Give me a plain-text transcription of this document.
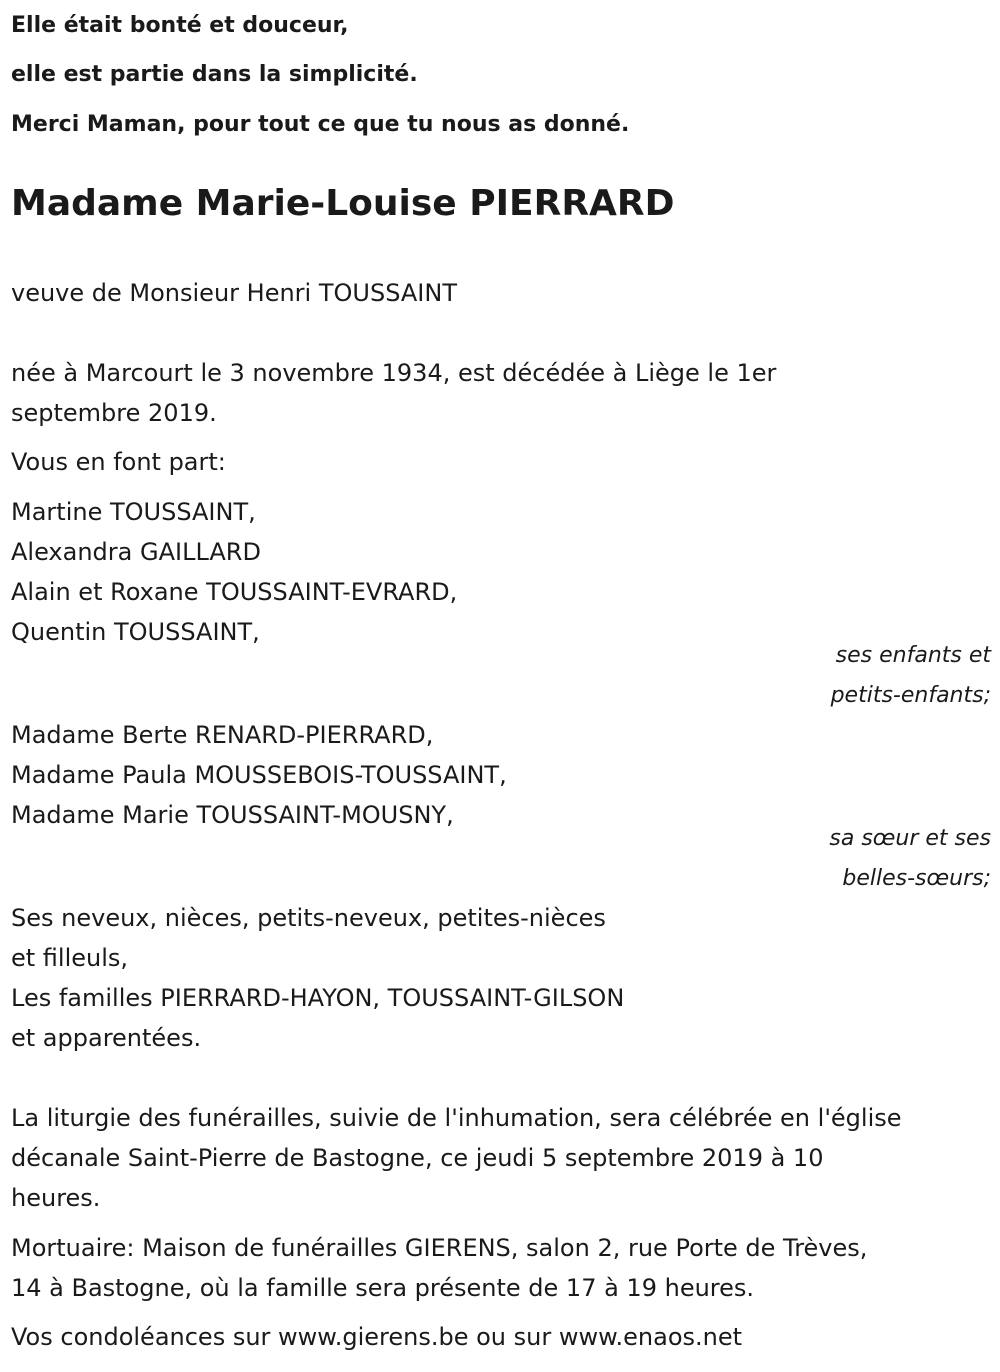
Elle était bonté et douceur,

elle est partie dans la simplicité.

Merci Maman, pour tout ce que tu nous as donné.

Madame Marie-Louise PIERRARD
veuve de Monsieur Henri TOUSSAINT
née à Marcourt le 3 novembre 1934, est décédée à Liège le 1er
septembre 2019.
Vous en font part:
Martine TOUSSAINT,
Alexandra GAILLARD
Alain et Roxane TOUSSAINT-EVRARD,
Quentin TOUSSAINT,
ses enfants et
petits-enfants;
Madame Berte RENARD-PIERRARD,
Madame Paula MOUSSEBOIS-TOUSSAINT,
Madame Marie TOUSSAINT-MOUSNY,
sa sœur et ses
belles-sœurs;
Ses neveux, nièces, petits-neveux, petites-nièces
et filleuls,
Les familles PIERRARD-HAYON, TOUSSAINT-GILSON
et apparentées.
La liturgie des funérailles, suivie de l'inhumation, sera célébrée en l'église
décanale Saint-Pierre de Bastogne, ce jeudi 5 septembre 2019 à 10
heures.
Mortuaire: Maison de funérailles GIERENS, salon 2, rue Porte de Trèves,
14 à Bastogne, où la famille sera présente de 17 à 19 heures.
Vos condoléances sur www.gierens.be ou sur www.enaos.net
